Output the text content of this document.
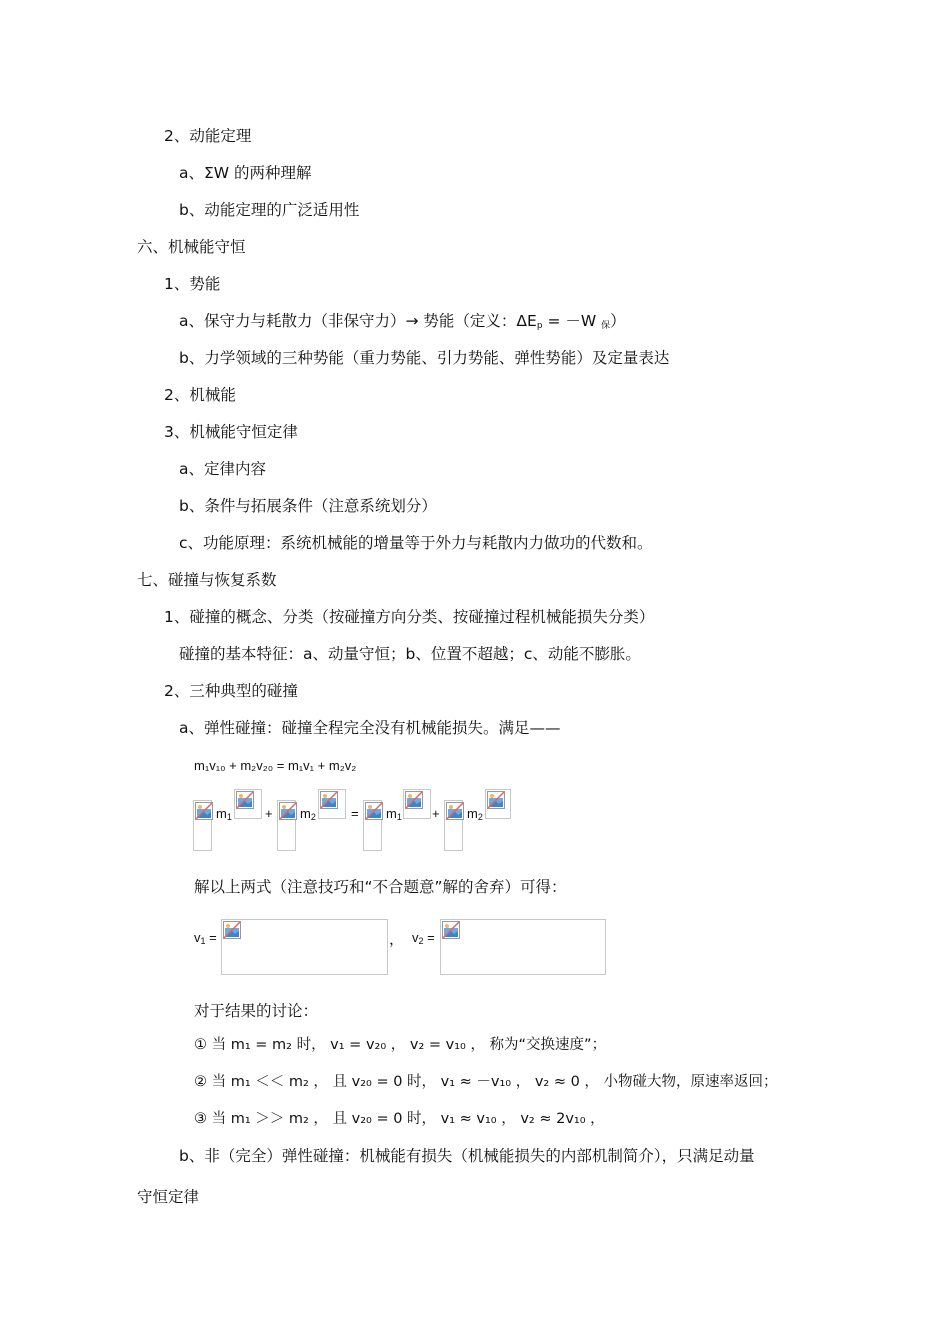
2、动能定理
a、ΣW 的两种理解
b、动能定理的广泛适用性
六、机械能守恒
1、势能
a、保守力与耗散力（非保守力）→ 势能（定义：$\Delta E_p = -W$ $_保$）
b、力学领域的三种势能（重力势能、引力势能、弹性势能）及定量表达
2、机械能
3、机械能守恒定律
a、定律内容
b、条件与拓展条件（注意系统划分）
c、功能原理：系统机械能的增量等于外力与耗散内力做功的代数和。
七、碰撞与恢复系数
1、碰撞的概念、分类（按碰撞方向分类、按碰撞过程机械能损失分类）
碰撞的基本特征：a、动量守恒；b、位置不超越；c、动能不膨胀。
2、三种典型的碰撞
a、弹性碰撞：碰撞全程完全没有机械能损失。满足——
m₁v₁₀ + m₂v₂₀ = m₁v₁ + m₂v₂
$m_1$	+ $m_2$	= $m_1 + m_2$
解以上两式（注意技巧和“不合题意”解的舍弃）可得：
$v_1$ =	， $v_2$ =
对于结果的讨论：
① 当 m₁ = m₂ 时， v₁ = v₂₀ ， v₂ = v₁₀ ， 称为“交换速度”；
② 当 m₁ ＜＜ m₂ ， 且 v₂₀ = 0 时， v₁ ≈ －v₁₀ ， v₂ ≈ 0 ， 小物碰大物，原速率返回；
③ 当 m₁ ＞＞ m₂ ， 且 v₂₀ = 0 时， v₁ ≈ v₁₀ ， v₂ ≈ 2v₁₀ ，
b、非（完全）弹性碰撞：机械能有损失（机械能损失的内部机制简介），只满足动量
守恒定律
